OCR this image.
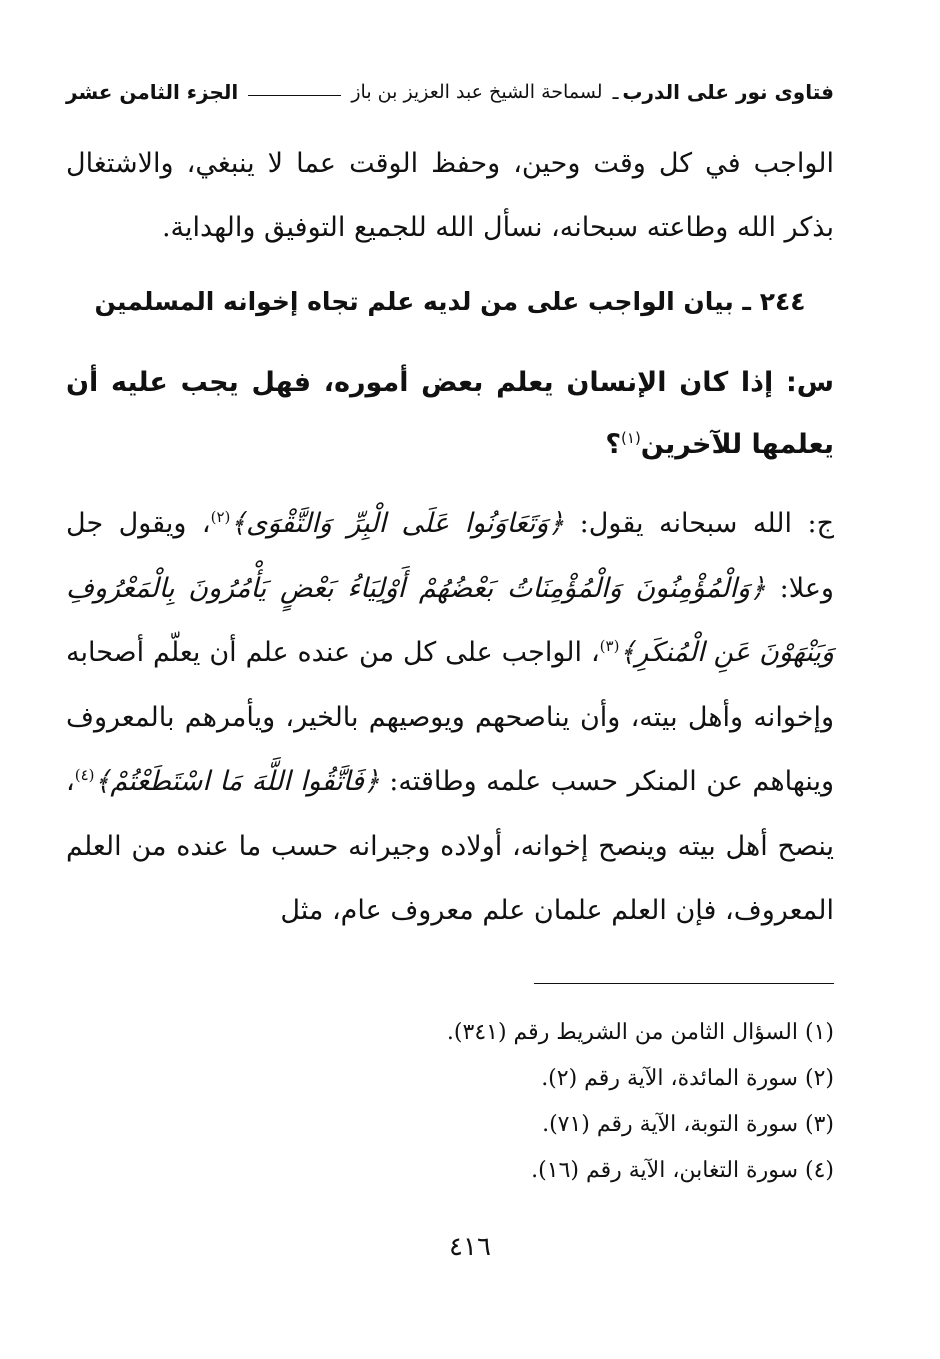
فتاوى نور على الدرب
ـ
لسماحة الشيخ عبد العزيز بن باز
الجزء الثامن عشر
الواجب في كل وقت وحين، وحفظ الوقت عما لا ينبغي، والاشتغال بذكر الله وطاعته سبحانه، نسأل الله للجميع التوفيق والهداية.
٢٤٤ ـ بيان الواجب على من لديه علم تجاه إخوانه المسلمين
س: إذا كان الإنسان يعلم بعض أموره، فهل يجب عليه أن يعلمها للآخرين$^{(١)}$؟
ج: الله سبحانه يقول: ﴿وَتَعَاوَنُوا عَلَى الْبِرِّ وَالتَّقْوَى﴾$^{(٢)}$، ويقول جل وعلا: ﴿وَالْمُؤْمِنُونَ وَالْمُؤْمِنَاتُ بَعْضُهُمْ أَوْلِيَاءُ بَعْضٍ يَأْمُرُونَ بِالْمَعْرُوفِ وَيَنْهَوْنَ عَنِ الْمُنكَرِ﴾$^{(٣)}$، الواجب على كل من عنده علم أن يعلّم أصحابه وإخوانه وأهل بيته، وأن يناصحهم ويوصيهم بالخير، ويأمرهم بالمعروف وينهاهم عن المنكر حسب علمه وطاقته: ﴿فَاتَّقُوا اللَّهَ مَا اسْتَطَعْتُمْ﴾$^{(٤)}$، ينصح أهل بيته وينصح إخوانه، أولاده وجيرانه حسب ما عنده من العلم المعروف، فإن العلم علمان علم معروف عام، مثل
(١) السؤال الثامن من الشريط رقم (٣٤١).
(٢) سورة المائدة، الآية رقم (٢).
(٣) سورة التوبة، الآية رقم (٧١).
(٤) سورة التغابن، الآية رقم (١٦).
٤١٦
